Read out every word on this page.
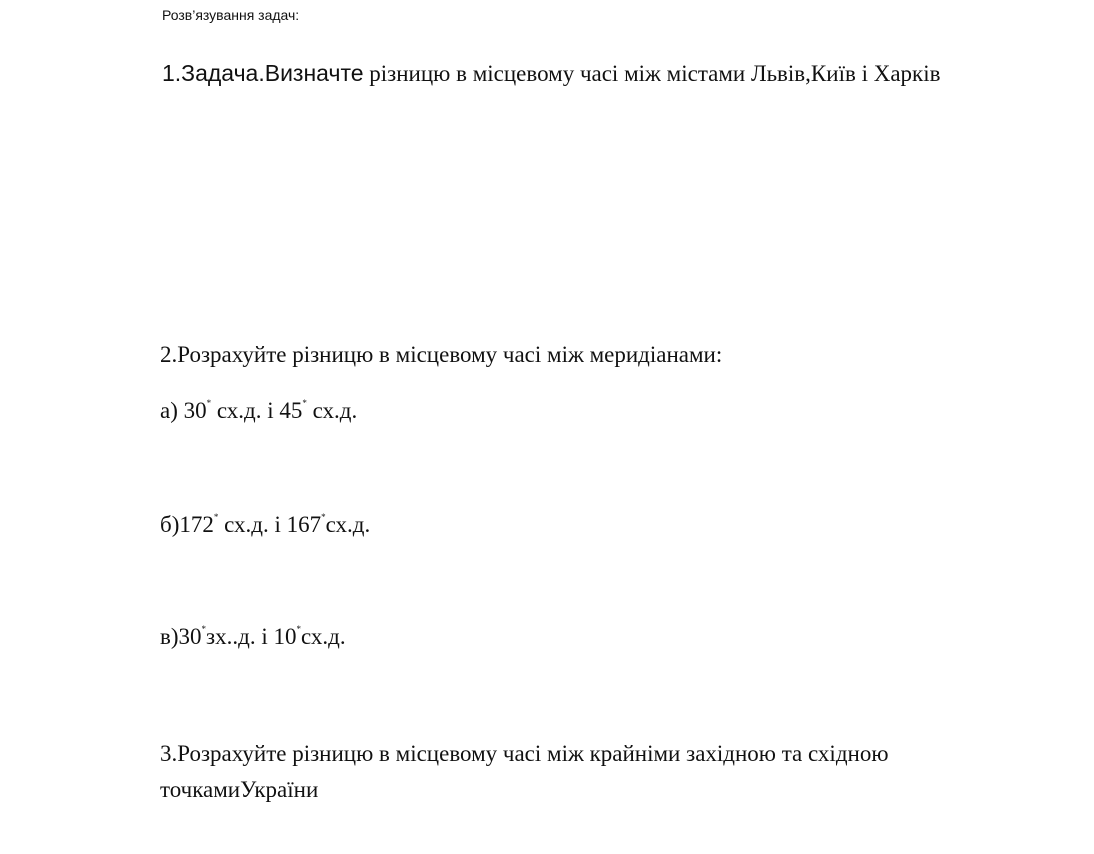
Розв’язування задач:
1.Задача.Визначте різницю в місцевому часі між містами Львів,Київ і Харків
2.Розрахуйте різницю в місцевому часі між меридіанами:
а) 30* сх.д. і 45* сх.д.
б)172* сх.д. і 167*сх.д.
в)30*зх..д. і 10*сх.д.
3.Розрахуйте різницю в місцевому часі між крайніми західною та східною
точкамиУкраїни
